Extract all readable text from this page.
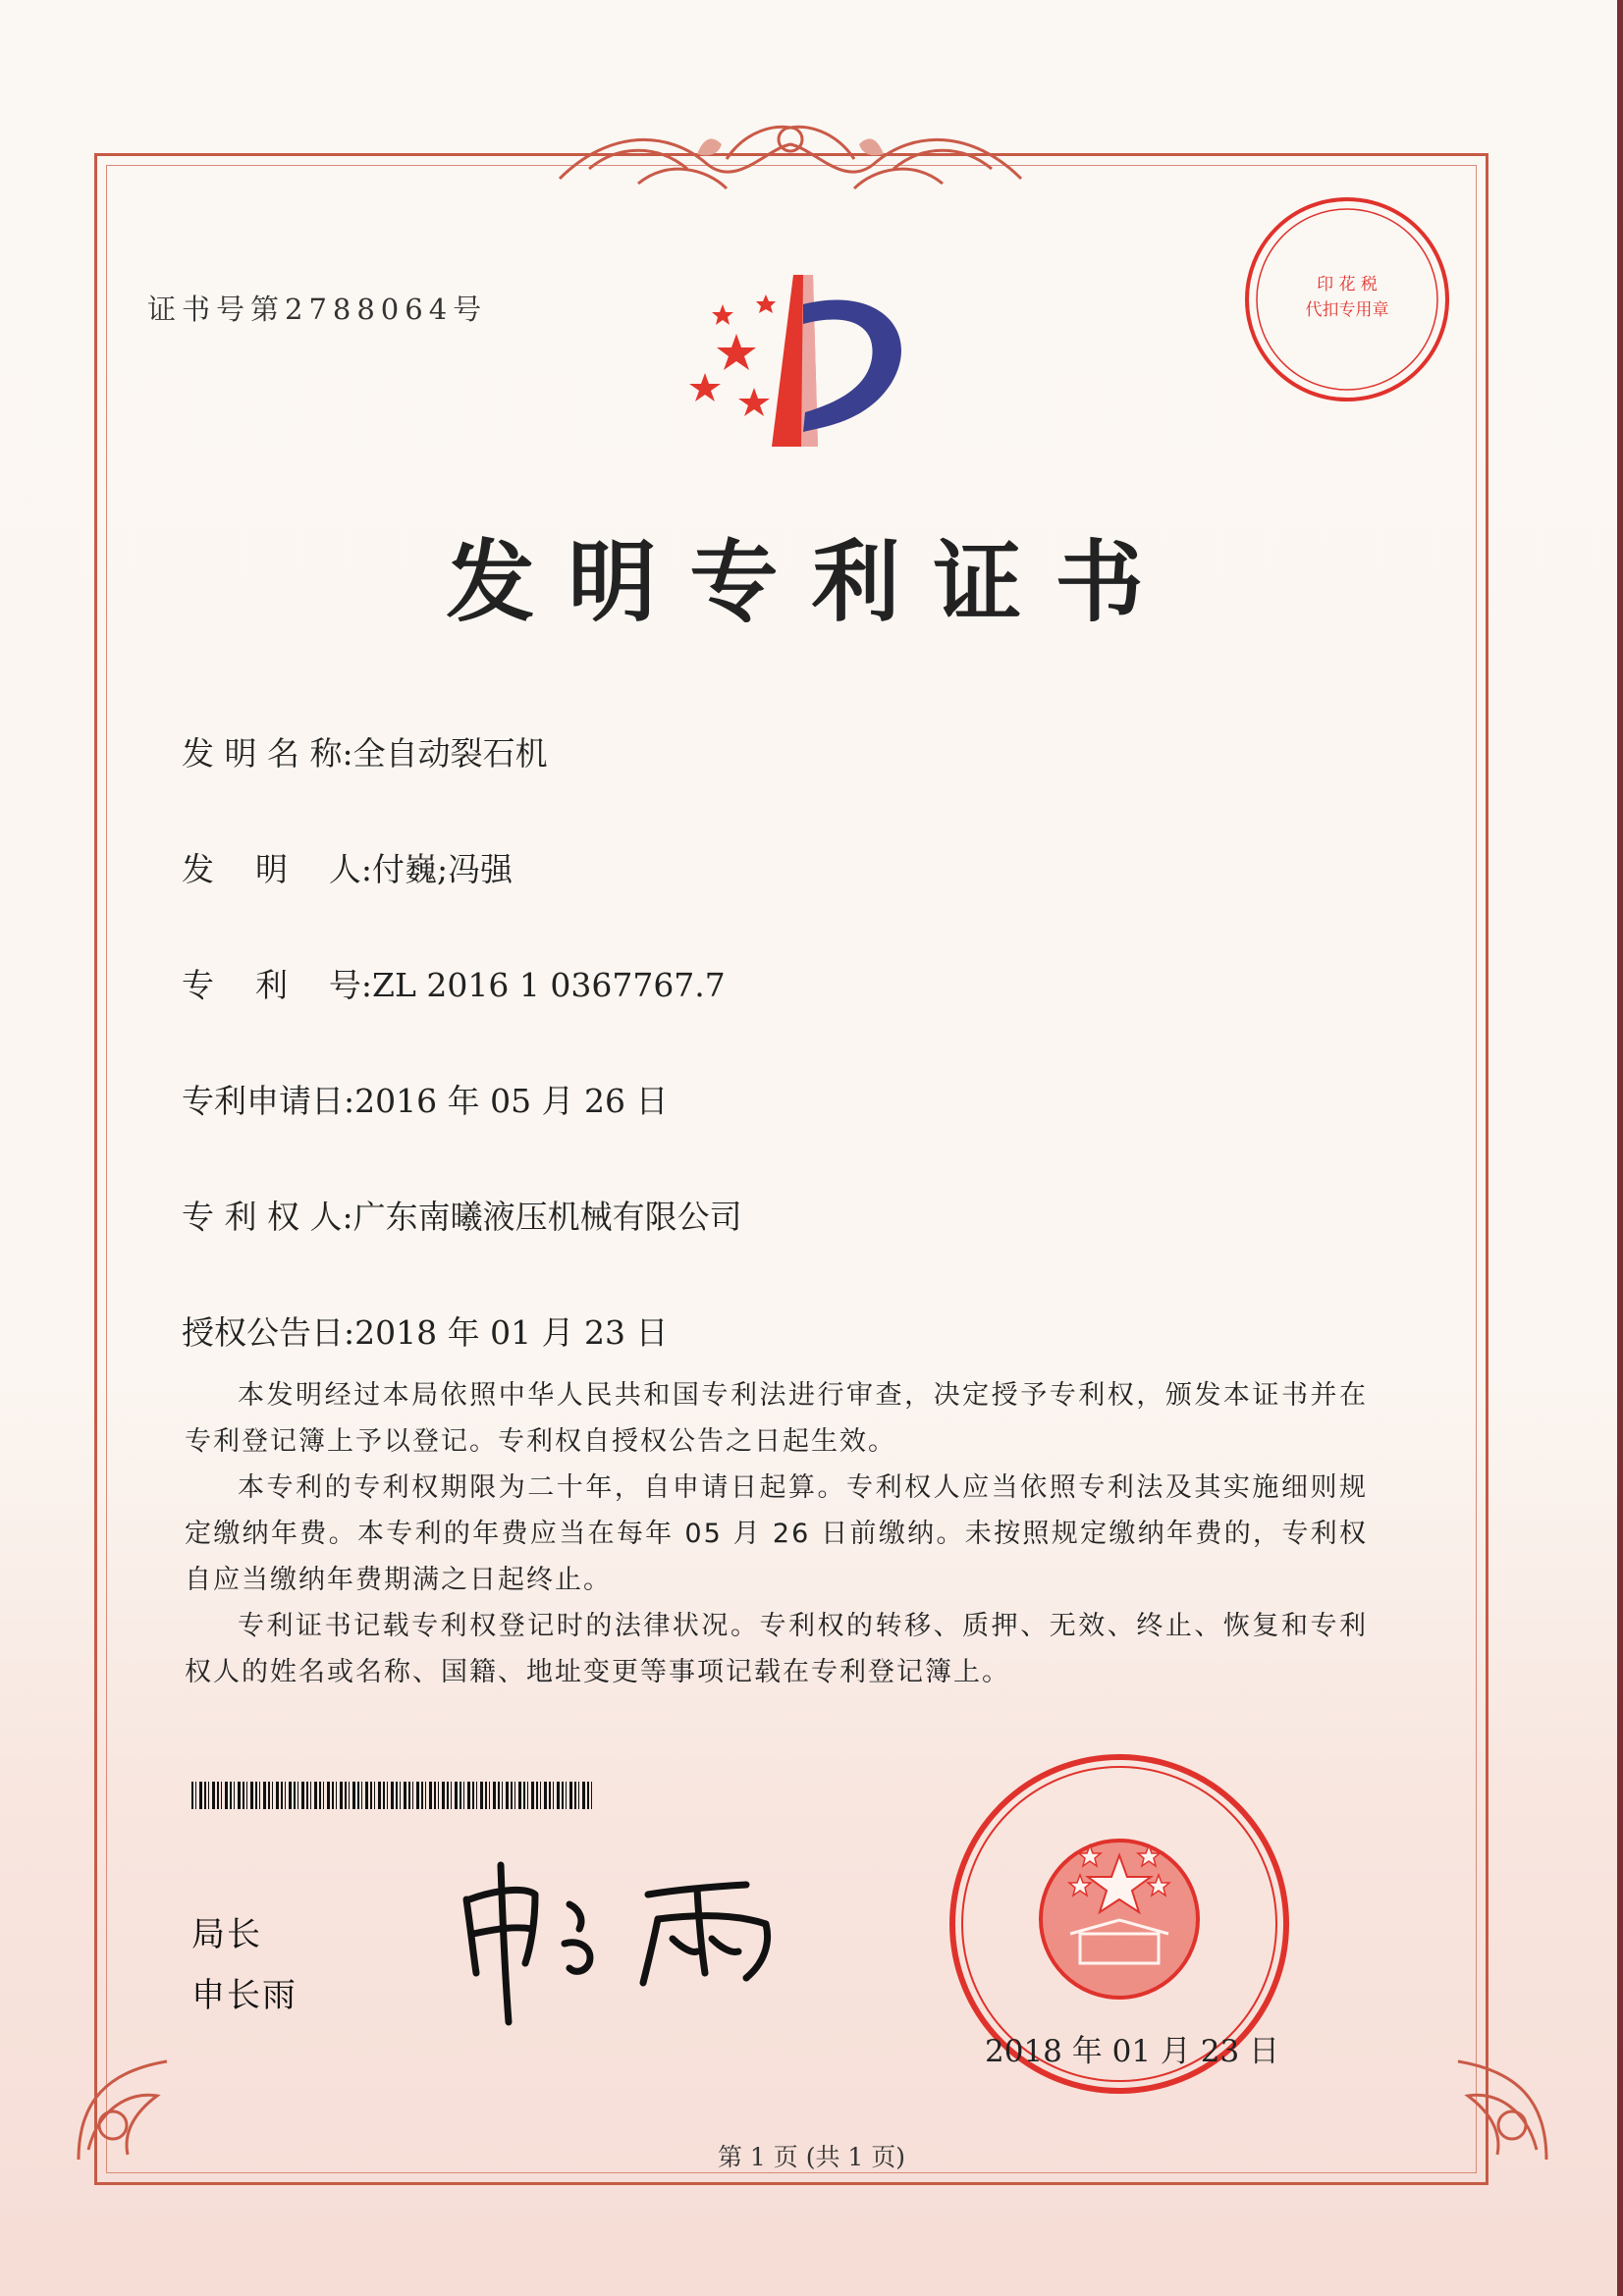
证书号第2788064号
印 花 税
代扣专用章
发明专利证书
发 明 名 称:全自动裂石机
发    明    人:付巍;冯强
专    利    号:ZL 2016 1 0367767.7
专利申请日:2016 年 05 月 26 日
专 利 权 人:广东南曦液压机械有限公司
授权公告日:2018 年 01 月 23 日

本发明经过本局依照中华人民共和国专利法进行审查，决定授予专利权，颁发本证书并在专利登记簿上予以登记。专利权自授权公告之日起生效。

本专利的专利权期限为二十年，自申请日起算。专利权人应当依照专利法及其实施细则规定缴纳年费。本专利的年费应当在每年 05 月 26 日前缴纳。未按照规定缴纳年费的，专利权自应当缴纳年费期满之日起终止。

专利证书记载专利权登记时的法律状况。专利权的转移、质押、无效、终止、恢复和专利权人的姓名或名称、国籍、地址变更等事项记载在专利登记簿上。

局长
申长雨
2018 年 01 月 23 日
第 1 页 (共 1 页)
